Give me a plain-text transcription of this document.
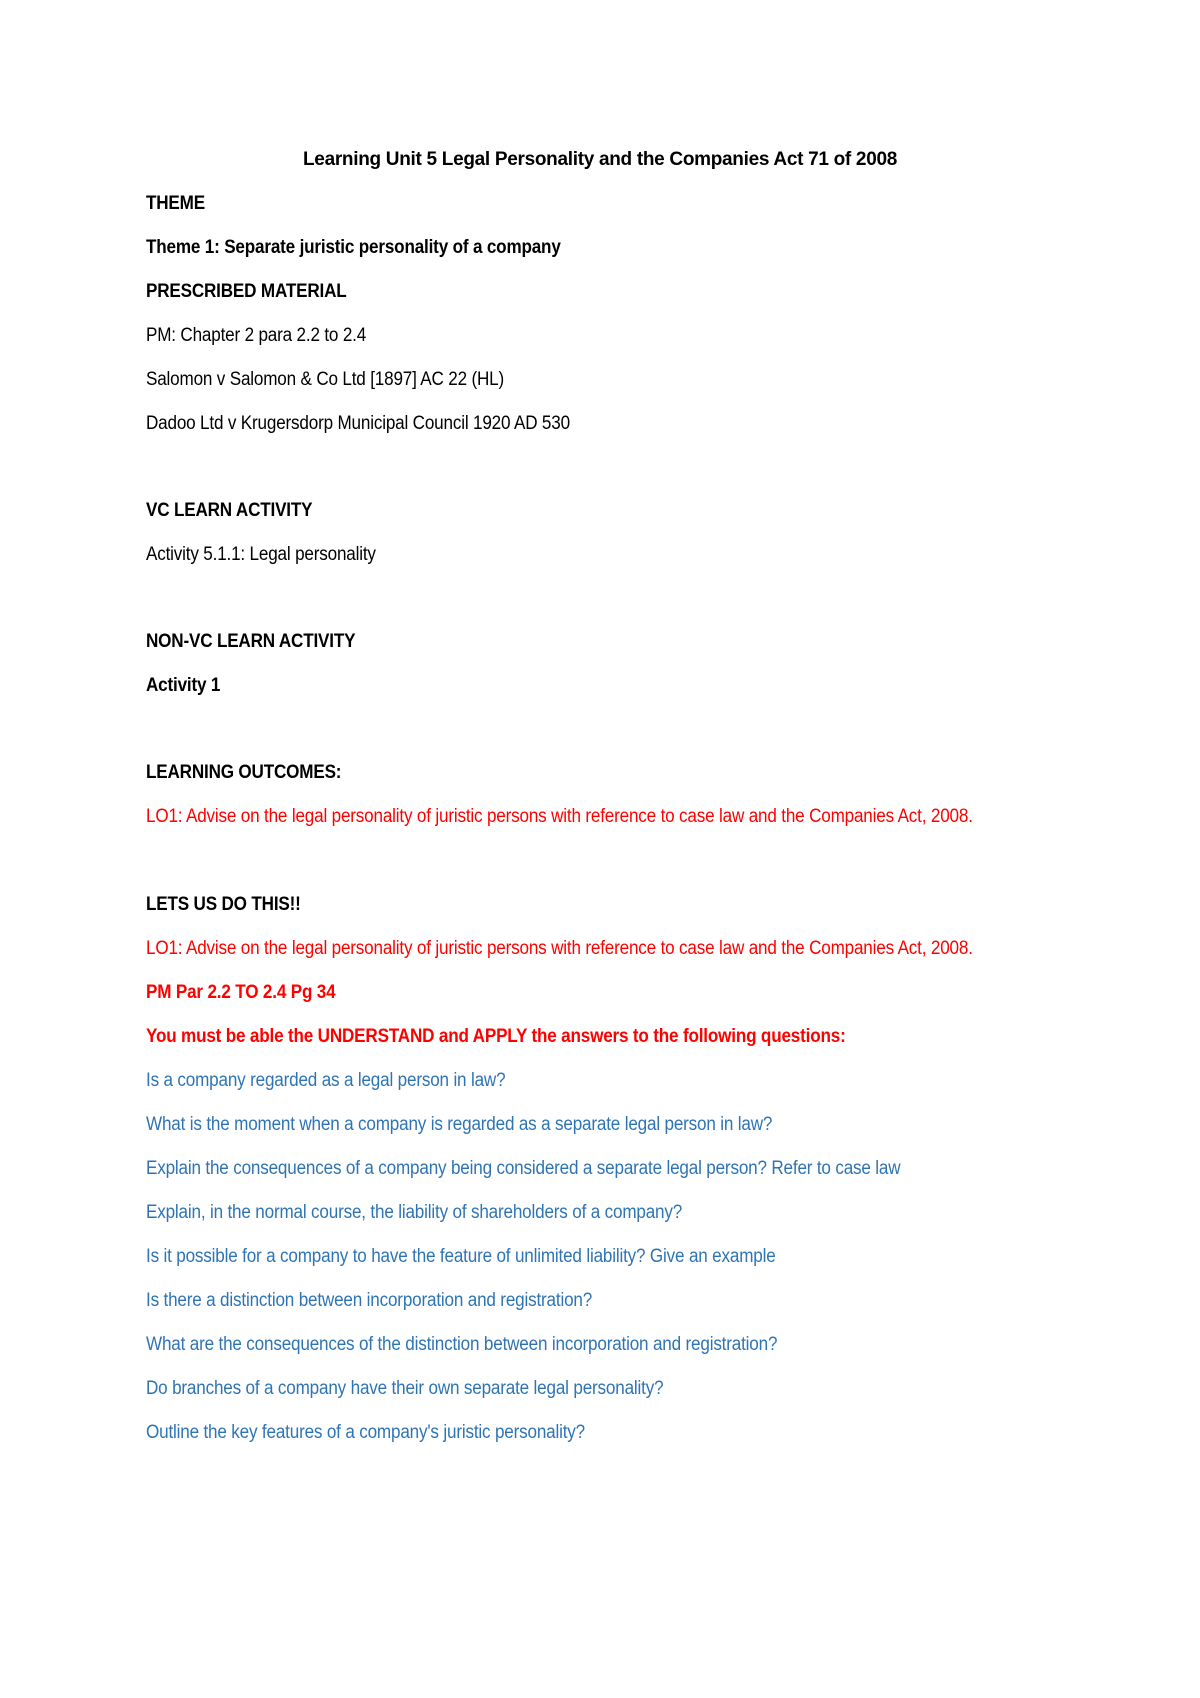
Learning Unit 5 Legal Personality and the Companies Act 71 of 2008
THEME
Theme 1: Separate juristic personality of a company
PRESCRIBED MATERIAL
PM: Chapter 2 para 2.2 to 2.4
Salomon v Salomon & Co Ltd [1897] AC 22 (HL)
Dadoo Ltd v Krugersdorp Municipal Council 1920 AD 530
VC LEARN ACTIVITY
Activity 5.1.1: Legal personality
NON-VC LEARN ACTIVITY
Activity 1
LEARNING OUTCOMES:
LO1: Advise on the legal personality of juristic persons with reference to case law and the Companies Act, 2008.
LETS US DO THIS!!
LO1: Advise on the legal personality of juristic persons with reference to case law and the Companies Act, 2008.
PM Par 2.2 TO 2.4 Pg 34
You must be able the UNDERSTAND and APPLY the answers to the following questions:
Is a company regarded as a legal person in law?
What is the moment when a company is regarded as a separate legal person in law?
Explain the consequences of a company being considered a separate legal person? Refer to case law
Explain, in the normal course, the liability of shareholders of a company?
Is it possible for a company to have the feature of unlimited liability? Give an example
Is there a distinction between incorporation and registration?
What are the consequences of the distinction between incorporation and registration?
Do branches of a company have their own separate legal personality?
Outline the key features of a company's juristic personality?
